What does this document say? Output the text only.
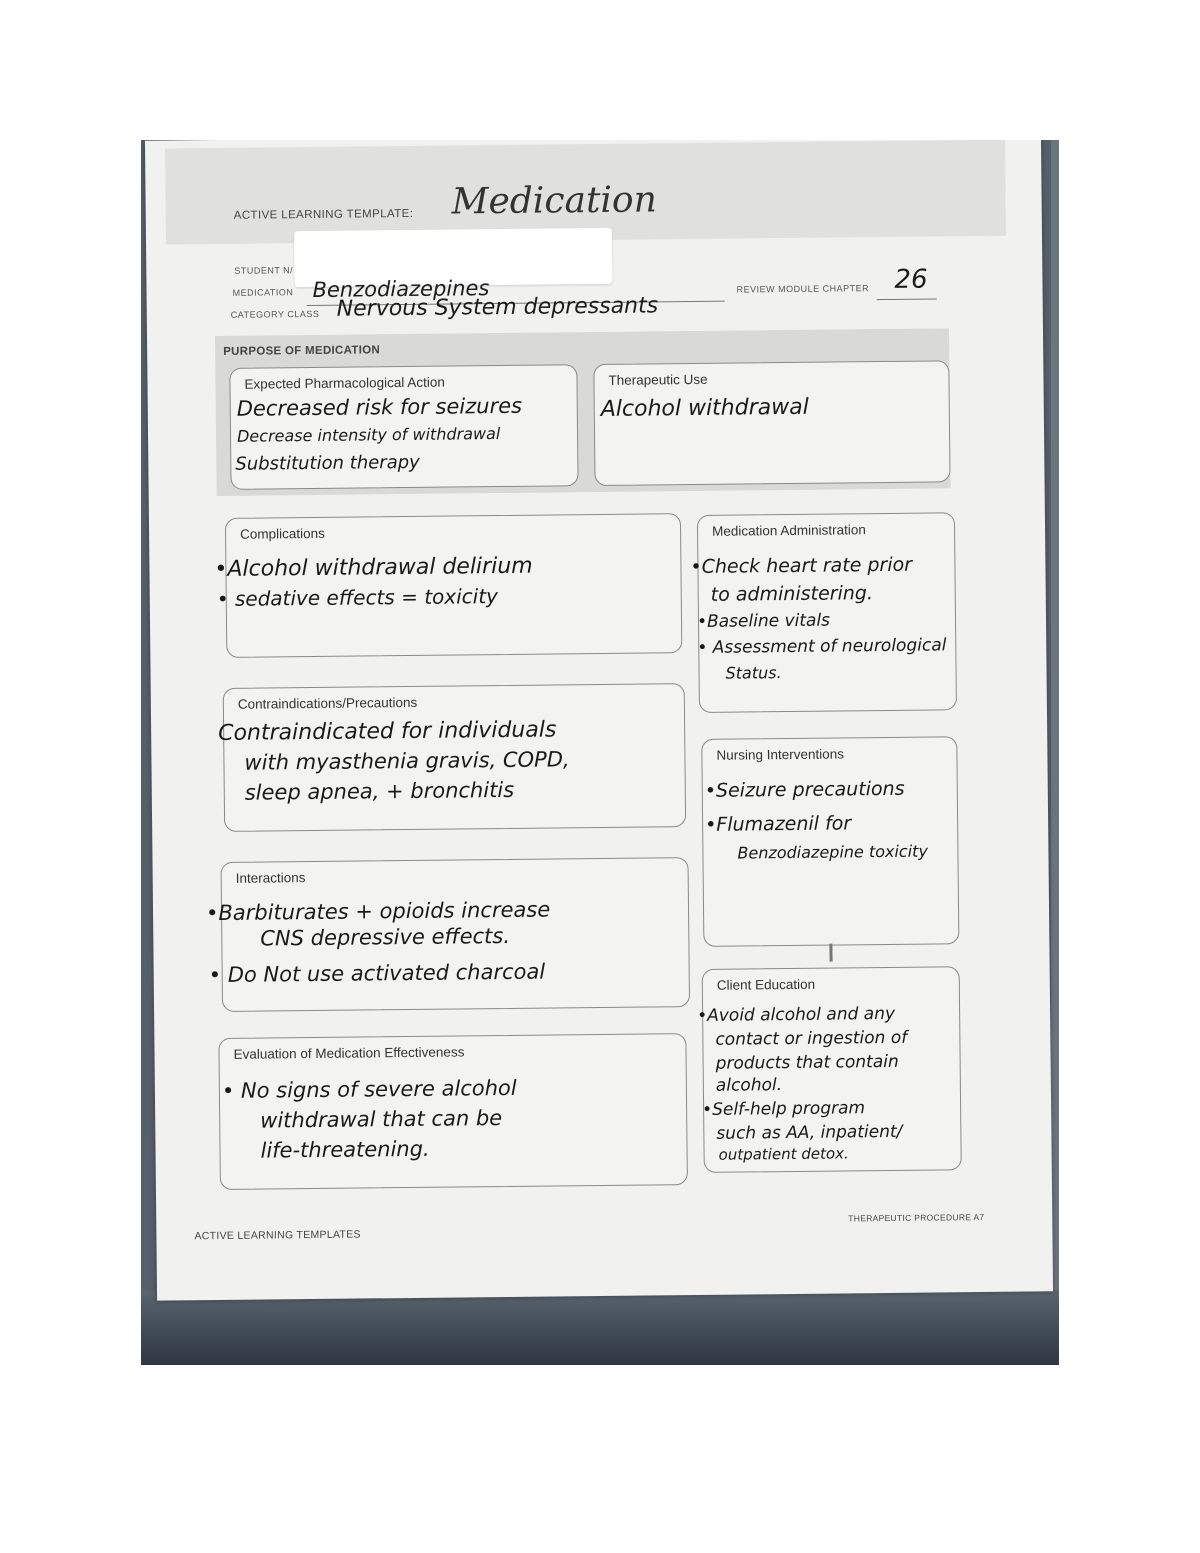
ACTIVE LEARNING TEMPLATE: Medication
STUDENT N/
MEDICATION Benzodiazepines	REVIEW MODULE CHAPTER 26
CATEGORY CLASS Nervous System depressants
PURPOSE OF MEDICATION
Expected Pharmacological Action
Decreased risk for seizures
Decrease intensity of withdrawal
Substitution therapy
Therapeutic Use
Alcohol withdrawal
Complications
•Alcohol withdrawal delirium
• sedative effects = toxicity
Medication Administration
•Check heart rate prior
to administering.
•Baseline vitals
• Assessment of neurological
Status.
Contraindications/Precautions
Contraindicated for individuals
with myasthenia gravis, COPD,
sleep apnea, + bronchitis
Nursing Interventions
•Seizure precautions
•Flumazenil for
Benzodiazepine toxicity
Interactions
•Barbiturates + opioids increase
CNS depressive effects.
• Do Not use activated charcoal	Client Education
•Avoid alcohol and any
contact or ingestion of
products that contain
alcohol.
•Self-help program
such as AA, inpatient/
outpatient detox.
Evaluation of Medication Effectiveness
• No signs of severe alcohol
withdrawal that can be
life-threatening.
ACTIVE LEARNING TEMPLATES
THERAPEUTIC PROCEDURE A7
